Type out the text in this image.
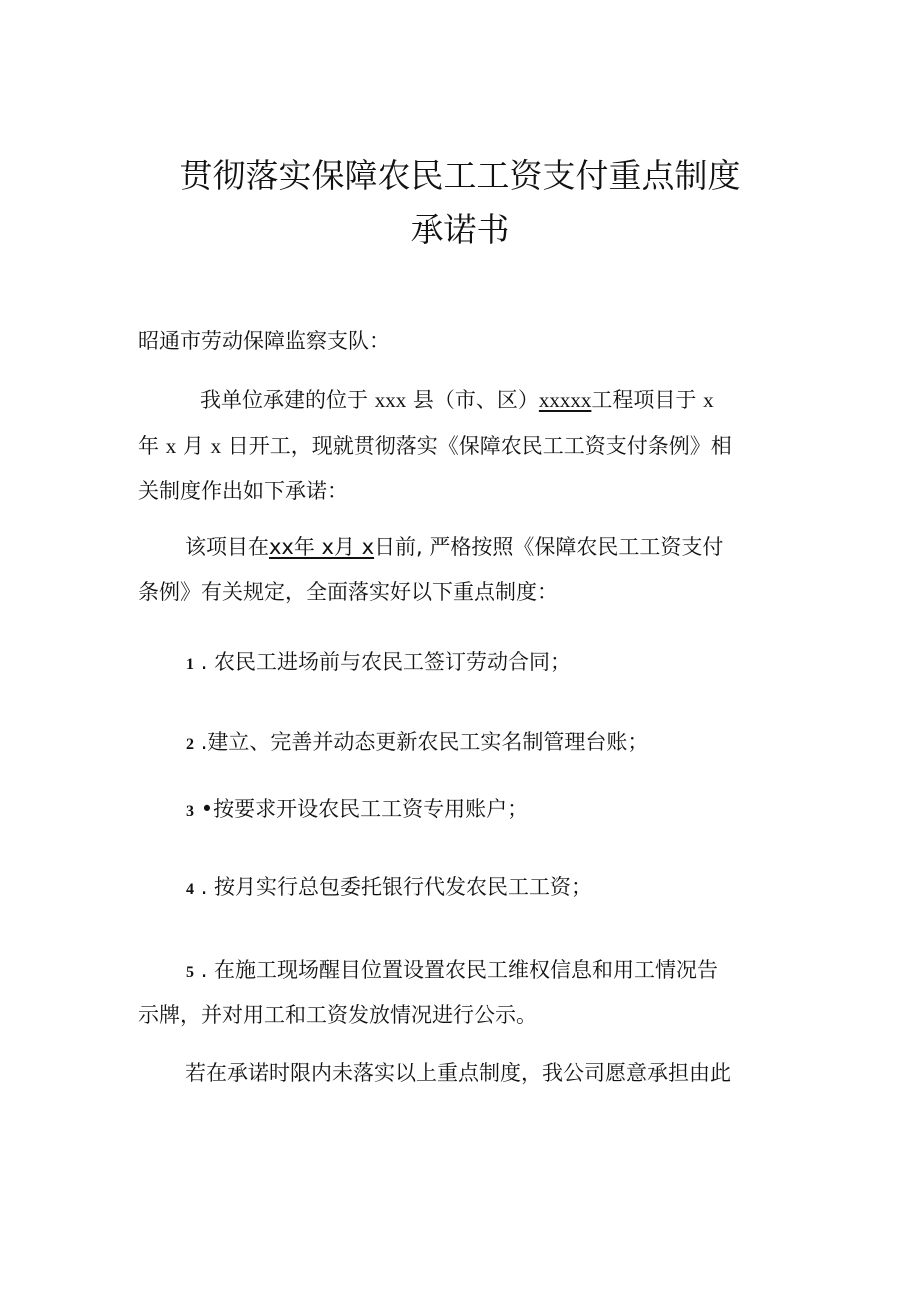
贯彻落实保障农民工工资支付重点制度
承诺书
昭通市劳动保障监察支队：
我单位承建的位于 xxx 县（市、区）xxxxx工程项目于 x
年 x 月 x 日开工，现就贯彻落实《保障农民工工资支付条例》相
关制度作出如下承诺：
该项目在xx年 x月 x日前, 严格按照《保障农民工工资支付
条例》有关规定，全面落实好以下重点制度：
1 . 农民工进场前与农民工签订劳动合同；
2 .建立、完善并动态更新农民工实名制管理台账；
3 •按要求开设农民工工资专用账户；
4 . 按月实行总包委托银行代发农民工工资；
5 . 在施工现场醒目位置设置农民工维权信息和用工情况告
示牌，并对用工和工资发放情况进行公示。
若在承诺时限内未落实以上重点制度，我公司愿意承担由此
